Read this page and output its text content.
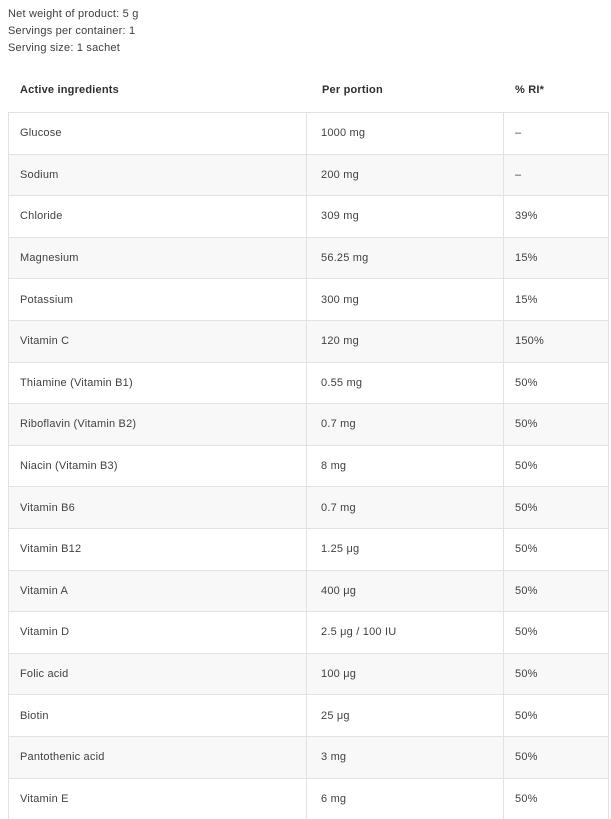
Net weight of product: 5 g
Servings per container: 1
Serving size: 1 sachet
Active ingredients	Per portion	% RI*
Glucose	1000 mg	–
Sodium	200 mg	–
Chloride	309 mg	39%
Magnesium	56.25 mg	15%
Potassium	300 mg	15%
Vitamin C	120 mg	150%
Thiamine (Vitamin B1)	0.55 mg	50%
Riboflavin (Vitamin B2)	0.7 mg	50%
Niacin (Vitamin B3)	8 mg	50%
Vitamin B6	0.7 mg	50%
Vitamin B12	1.25 μg	50%
Vitamin A	400 μg	50%
Vitamin D	2.5 μg / 100 IU	50%
Folic acid	100 μg	50%
Biotin	25 μg	50%
Pantothenic acid	3 mg	50%
Vitamin E	6 mg	50%
